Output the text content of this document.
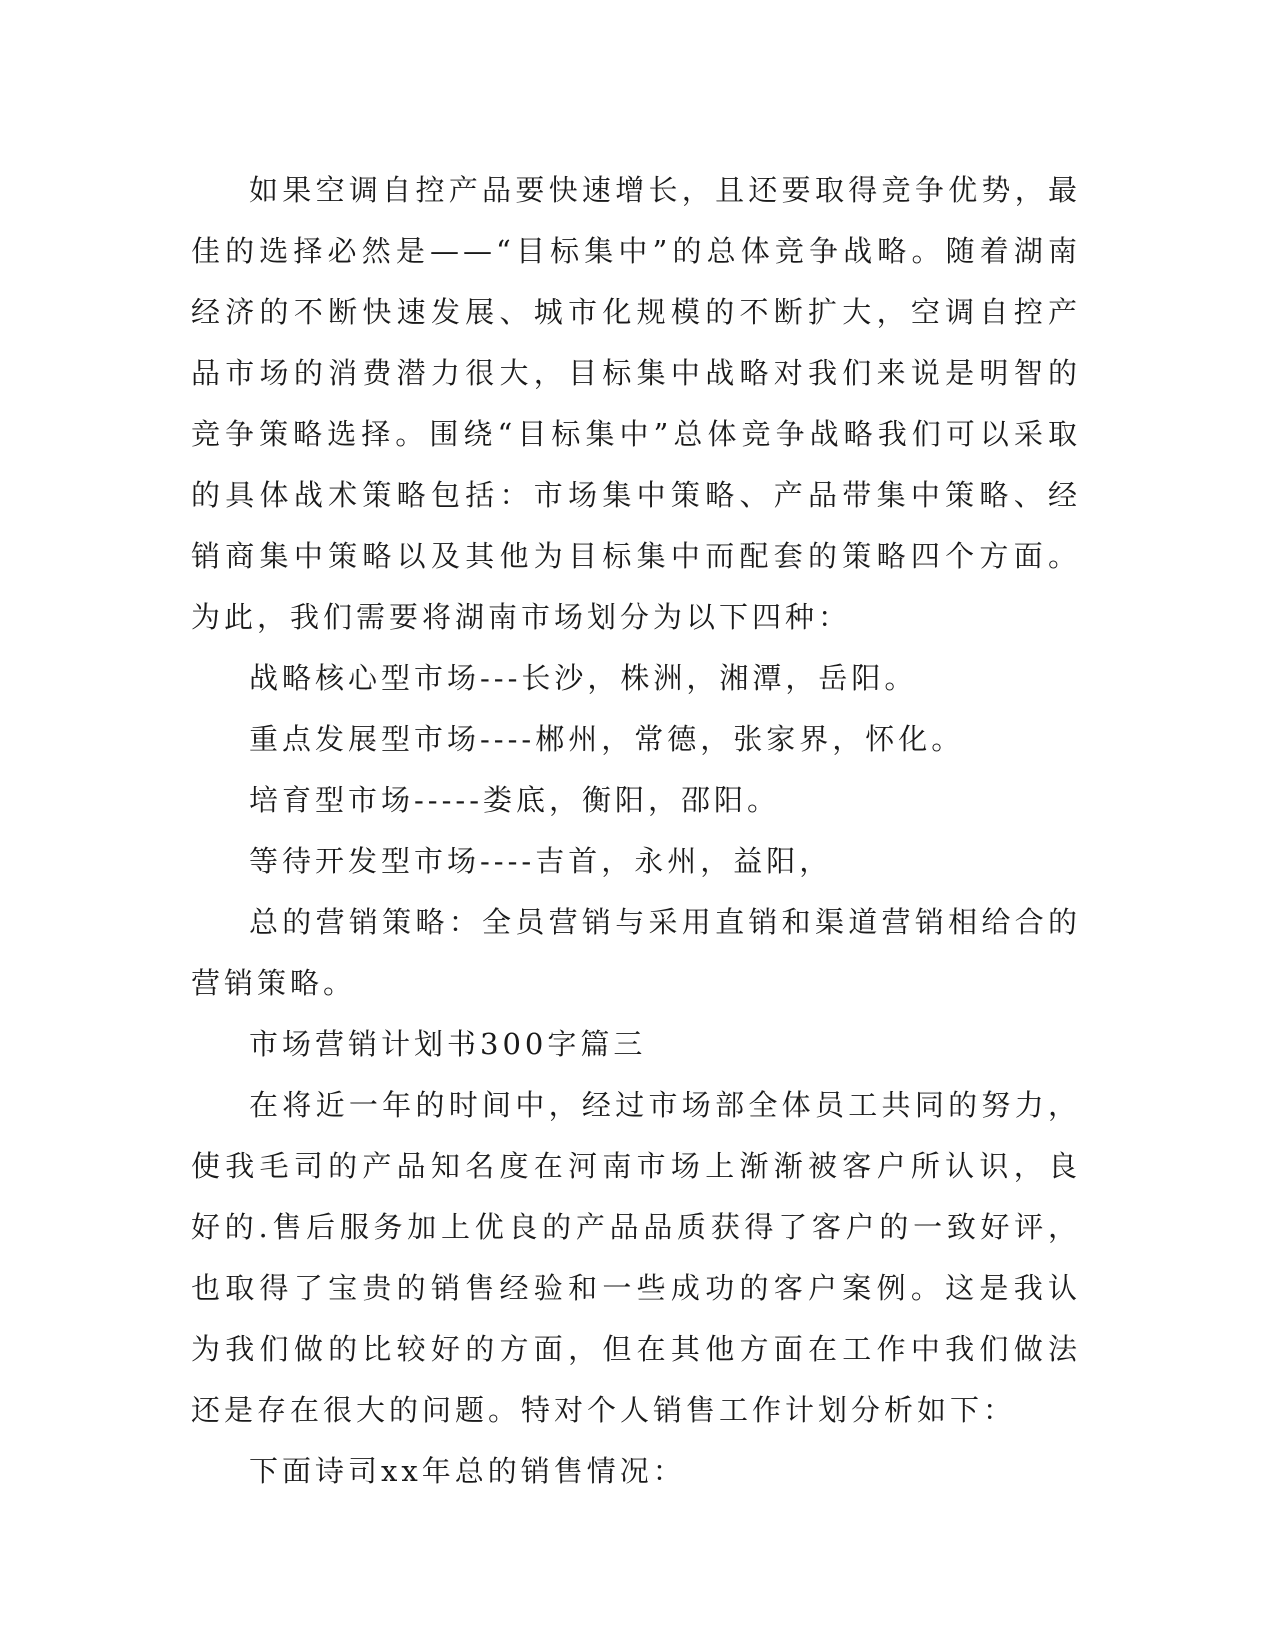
如果空调自控产品要快速增长，且还要取得竞争优势，最佳的选择必然是——“目标集中”的总体竞争战略。随着湖南经济的不断快速发展、城市化规模的不断扩大，空调自控产品市场的消费潜力很大，目标集中战略对我们来说是明智的竞争策略选择。围绕“目标集中”总体竞争战略我们可以采取的具体战术策略包括：市场集中策略、产品带集中策略、经销商集中策略以及其他为目标集中而配套的策略四个方面。为此，我们需要将湖南市场划分为以下四种：

战略核心型市场---长沙，株洲，湘潭，岳阳。

重点发展型市场----郴州，常德，张家界，怀化。

培育型市场-----娄底，衡阳，邵阳。

等待开发型市场----吉首，永州，益阳，

总的营销策略：全员营销与采用直销和渠道营销相给合的营销策略。

市场营销计划书300字篇三

在将近一年的时间中，经过市场部全体员工共同的努力，使我毛司的产品知名度在河南市场上渐渐被客户所认识，良好的.售后服务加上优良的产品品质获得了客户的一致好评，也取得了宝贵的销售经验和一些成功的客户案例。这是我认为我们做的比较好的方面，但在其他方面在工作中我们做法还是存在很大的问题。特对个人销售工作计划分析如下：

下面诗司xx年总的销售情况：
